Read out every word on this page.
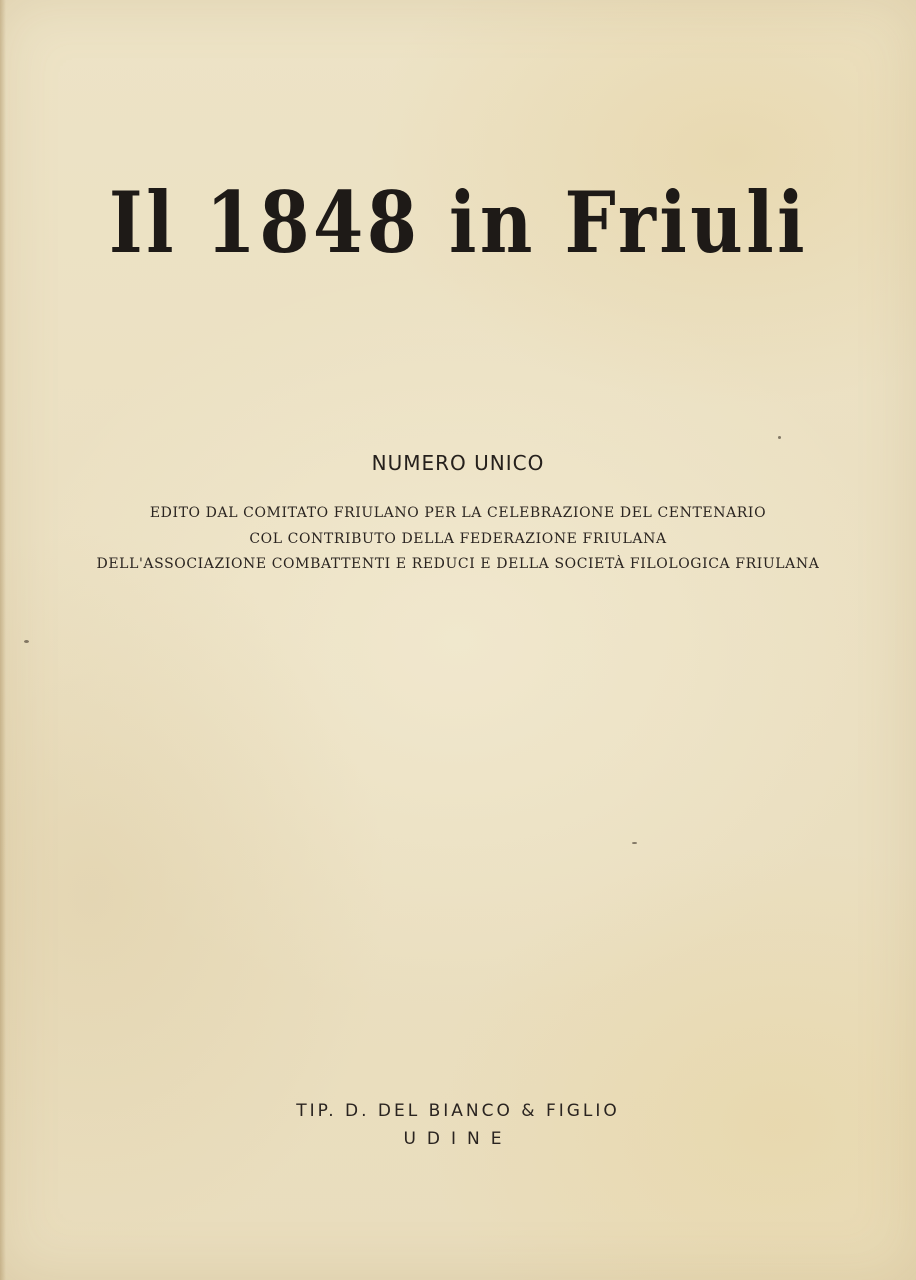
Il 1848 in Friuli
NUMERO UNICO
EDITO DAL COMITATO FRIULANO PER LA CELEBRAZIONE DEL CENTENARIO
COL CONTRIBUTO DELLA FEDERAZIONE FRIULANA
DELL'ASSOCIAZIONE COMBATTENTI E REDUCI E DELLA SOCIETÀ FILOLOGICA FRIULANA
TIP. D. DEL BIANCO & FIGLIO
UDINE
